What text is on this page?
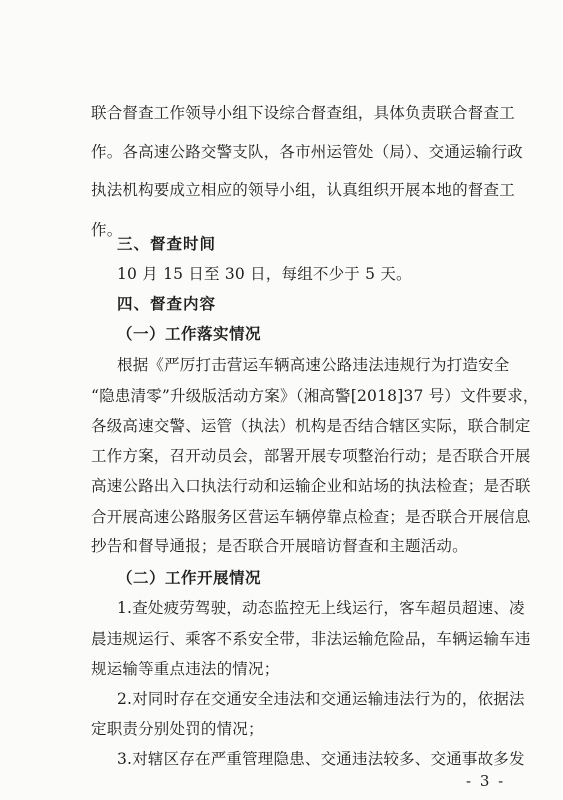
联合督查工作领导小组下设综合督查组，具体负责联合督查工
作。各高速公路交警支队，各市州运管处（局）、交通运输行政
执法机构要成立相应的领导小组，认真组织开展本地的督查工
作。
三、督查时间
10 月 15 日至 30 日，每组不少于 5 天。
四、督查内容
（一）工作落实情况
根据《严厉打击营运车辆高速公路违法违规行为打造安全
“隐患清零”升级版活动方案》（湘高警[2018]37 号）文件要求，
各级高速交警、运管（执法）机构是否结合辖区实际，联合制定
工作方案，召开动员会，部署开展专项整治行动；是否联合开展
高速公路出入口执法行动和运输企业和站场的执法检查；是否联
合开展高速公路服务区营运车辆停靠点检查；是否联合开展信息
抄告和督导通报；是否联合开展暗访督查和主题活动。
（二）工作开展情况
1.查处疲劳驾驶，动态监控无上线运行，客车超员超速、凌
晨违规运行、乘客不系安全带，非法运输危险品，车辆运输车违
规运输等重点违法的情况；
2.对同时存在交通安全违法和交通运输违法行为的，依据法
定职责分别处罚的情况；
3.对辖区存在严重管理隐患、交通违法较多、交通事故多发
- 3 -
